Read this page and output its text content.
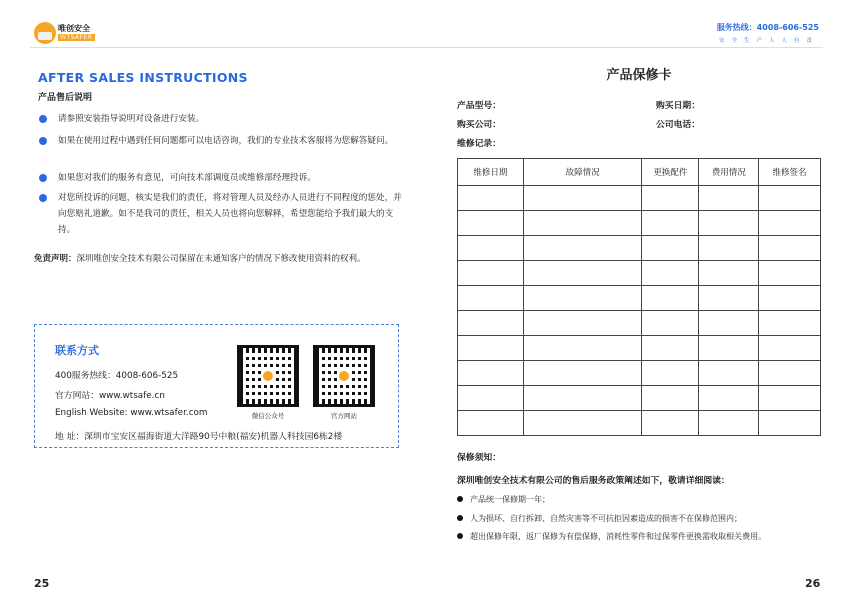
唯创安全
WTSAFER
服务热线：4008-606-525
安全生产人人有责
AFTER SALES INSTRUCTIONS
产品售后说明
请参照安装指导说明对设备进行安装。
如果在使用过程中遇到任何问题都可以电话咨询，我们的专业技术客服将为您解答疑问。
如果您对我们的服务有意见，可向技术部调度员或维修部经理投诉。
对您所投诉的问题，核实是我们的责任，将对管理人员及经办人员进行不同程度的惩处，并向您赔礼道歉。如不是我司的责任，相关人员也将向您解释，希望您能给予我们最大的支持。
免责声明：深圳唯创安全技术有限公司保留在未通知客户的情况下修改使用资料的权利。
联系方式
400服务热线：4008-606-525
官方网站：www.wtsafe.cn
English Website: www.wtsafer.com
地 址：深圳市宝安区福海街道大洋路90号中粮(福安)机器人科技园6栋2楼
微信公众号	官方网站
25
产品保修卡
产品型号：	购买日期：
购买公司：	公司电话：
维修记录：
维修日期	故障情况	更换配件	费用情况	维修签名

保修须知：
深圳唯创安全技术有限公司的售后服务政策阐述如下，敬请详细阅读：
产品统一保修期一年；
人为损坏、自行拆卸、自然灾害等不可抗拒因素造成的损害不在保修范围内；
超出保修年限，返厂保修为有偿保修，消耗性零件和过保零件更换需收取相关费用。
26
